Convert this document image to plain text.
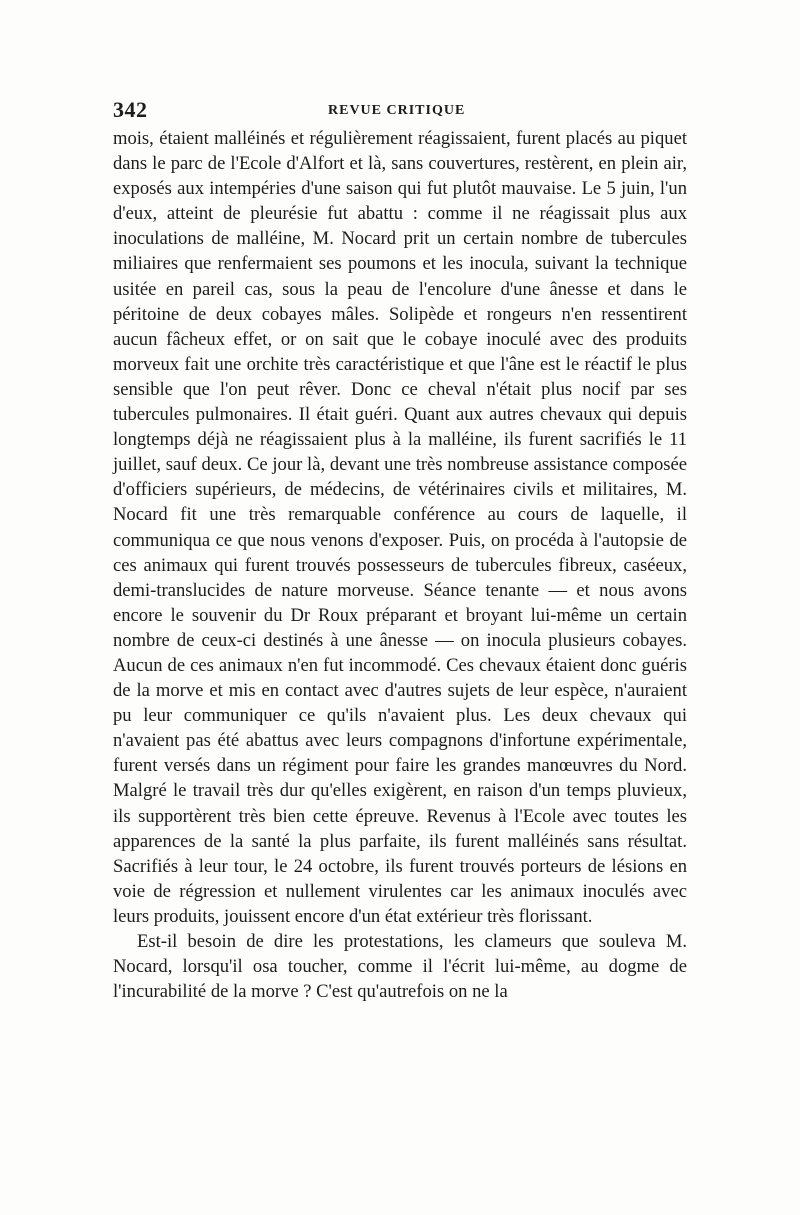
342	REVUE CRITIQUE

mois, étaient malléinés et régulièrement réagissaient, furent placés au piquet dans le parc de l'Ecole d'Alfort et là, sans couvertures, restèrent, en plein air, exposés aux intempéries d'une saison qui fut plutôt mauvaise. Le 5 juin, l'un d'eux, atteint de pleurésie fut abattu : comme il ne réagissait plus aux inoculations de malléine, M. Nocard prit un certain nombre de tubercules miliaires que renfermaient ses poumons et les inocula, suivant la technique usitée en pareil cas, sous la peau de l'encolure d'une ânesse et dans le péritoine de deux cobayes mâles. Solipède et rongeurs n'en ressentirent aucun fâcheux effet, or on sait que le cobaye inoculé avec des produits morveux fait une orchite très caractéristique et que l'âne est le réactif le plus sensible que l'on peut rêver. Donc ce cheval n'était plus nocif par ses tubercules pulmonaires. Il était guéri. Quant aux autres chevaux qui depuis longtemps déjà ne réagissaient plus à la malléine, ils furent sacrifiés le 11 juillet, sauf deux. Ce jour là, devant une très nombreuse assistance composée d'officiers supérieurs, de médecins, de vétérinaires civils et militaires, M. Nocard fit une très remarquable conférence au cours de laquelle, il communiqua ce que nous venons d'exposer. Puis, on procéda à l'autopsie de ces animaux qui furent trouvés possesseurs de tubercules fibreux, caséeux, demi-translucides de nature morveuse. Séance tenante — et nous avons encore le souvenir du Dr Roux préparant et broyant lui-même un certain nombre de ceux-ci destinés à une ânesse — on inocula plusieurs cobayes. Aucun de ces animaux n'en fut incommodé. Ces chevaux étaient donc guéris de la morve et mis en contact avec d'autres sujets de leur espèce, n'auraient pu leur communiquer ce qu'ils n'avaient plus. Les deux chevaux qui n'avaient pas été abattus avec leurs compagnons d'infortune expérimentale, furent versés dans un régiment pour faire les grandes manœuvres du Nord. Malgré le travail très dur qu'elles exigèrent, en raison d'un temps pluvieux, ils supportèrent très bien cette épreuve. Revenus à l'Ecole avec toutes les apparences de la santé la plus parfaite, ils furent malléinés sans résultat. Sacrifiés à leur tour, le 24 octobre, ils furent trouvés porteurs de lésions en voie de régression et nullement virulentes car les animaux inoculés avec leurs produits, jouissent encore d'un état extérieur très florissant.

Est-il besoin de dire les protestations, les clameurs que souleva M. Nocard, lorsqu'il osa toucher, comme il l'écrit lui-même, au dogme de l'incurabilité de la morve ? C'est qu'autrefois on ne la
